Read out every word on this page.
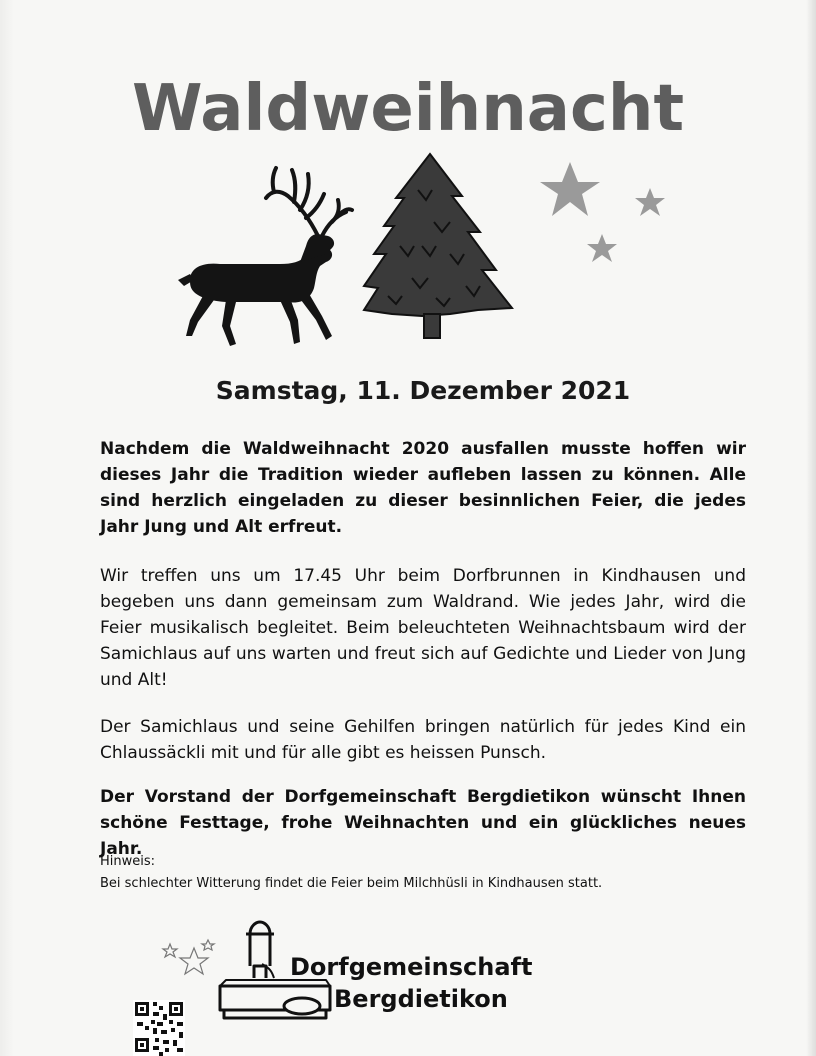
Waldweihnacht
Samstag, 11. Dezember 2021

Nachdem die Waldweihnacht 2020 ausfallen musste hoffen wir dieses Jahr die Tradition wieder aufleben lassen zu können. Alle sind herzlich eingeladen zu dieser besinnlichen Feier, die jedes Jahr Jung und Alt erfreut.

Wir treffen uns um 17.45 Uhr beim Dorfbrunnen in Kindhausen und begeben uns dann gemeinsam zum Waldrand. Wie jedes Jahr, wird die Feier musikalisch begleitet. Beim beleuchteten Weihnachtsbaum wird der Samichlaus auf uns warten und freut sich auf Gedichte und Lieder von Jung und Alt!

Der Samichlaus und seine Gehilfen bringen natürlich für jedes Kind ein Chlaussäckli mit und für alle gibt es heissen Punsch.

Der Vorstand der Dorfgemeinschaft Bergdietikon wünscht Ihnen schöne Festtage, frohe Weihnachten und ein glückliches neues Jahr.

Hinweis:
Bei schlechter Witterung findet die Feier beim Milchhüsli in Kindhausen statt.
Dorfgemeinschaft
Bergdietikon
